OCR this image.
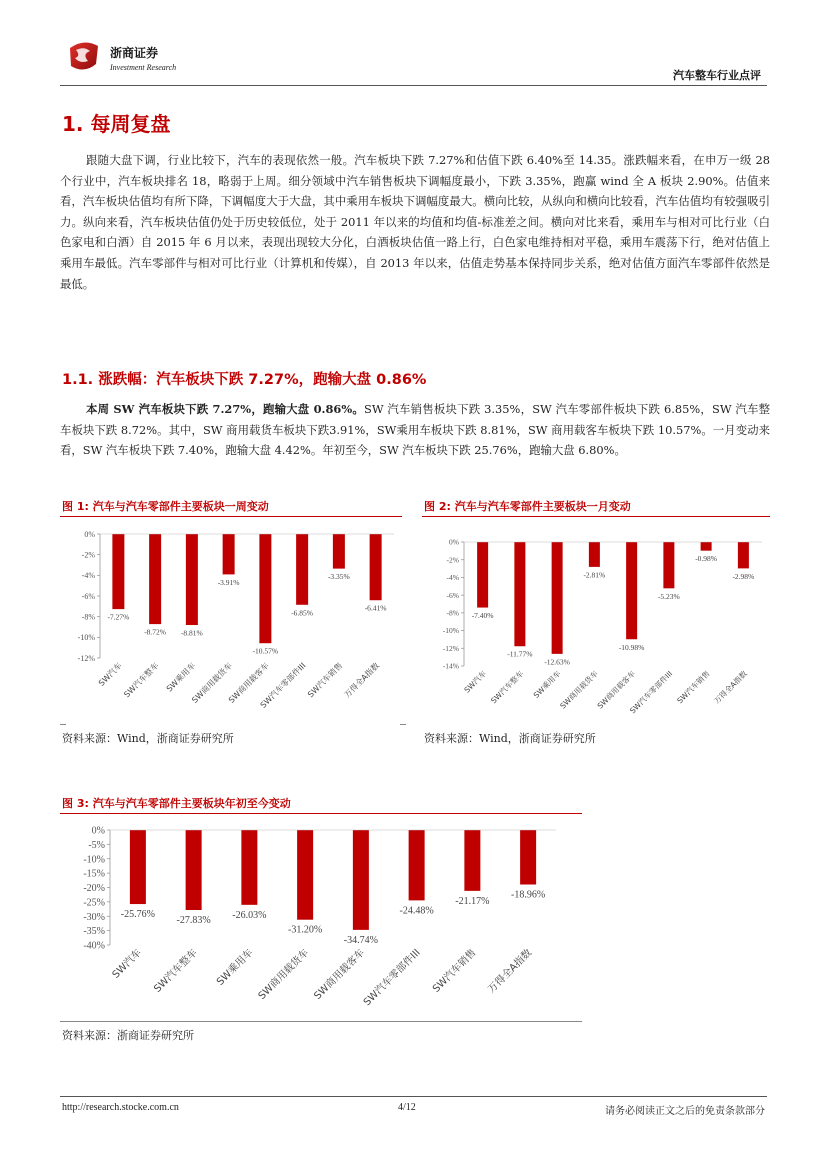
浙商证券
Investment Research
汽车整车行业点评
1. 每周复盘

跟随大盘下调，行业比较下，汽车的表现依然一般。汽车板块下跌 7.27%和估值下跌 6.40%至 14.35。涨跌幅来看，在申万一级 28 个行业中，汽车板块排名 18，略弱于上周。细分领域中汽车销售板块下调幅度最小，下跌 3.35%，跑赢 wind 全 A 板块 2.90%。估值来看，汽车板块估值均有所下降，下调幅度大于大盘，其中乘用车板块下调幅度最大。横向比较，从纵向和横向比较看，汽车估值均有较强吸引力。纵向来看，汽车板块估值仍处于历史较低位，处于 2011 年以来的均值和均值-标准差之间。横向对比来看，乘用车与相对可比行业（白色家电和白酒）自 2015 年 6 月以来，表现出现较大分化，白酒板块估值一路上行，白色家电维持相对平稳，乘用车震荡下行，绝对估值上乘用车最低。汽车零部件与相对可比行业（计算机和传媒），自 2013 年以来，估值走势基本保持同步关系，绝对估值方面汽车零部件依然是最低。

1.1. 涨跌幅：汽车板块下跌 7.27%，跑输大盘 0.86%

本周 SW 汽车板块下跌 7.27%，跑输大盘 0.86%。SW 汽车销售板块下跌 3.35%，SW 汽车零部件板块下跌 6.85%，SW 汽车整车板块下跌 8.72%。其中，SW 商用载货车板块下跌3.91%，SW乘用车板块下跌 8.81%，SW 商用载客车板块下跌 10.57%。一月变动来看，SW 汽车板块下跌 7.40%，跑输大盘 4.42%。年初至今，SW 汽车板块下跌 25.76%，跑输大盘 6.80%。

图 1: 汽车与汽车零部件主要板块一周变动
0%
-2%
-4%
-6%
-8%
-10%
-12%
-7.27%
SW汽车
-8.72%
SW汽车整车
-8.81%
SW乘用车
-3.91%
SW商用载货车
-10.57%
SW商用载客车
-6.85%
SW汽车零部件III
-3.35%
SW汽车销售
-6.41%
万得全A指数
资料来源：Wind，浙商证券研究所
图 2: 汽车与汽车零部件主要板块一月变动
0%
-2%
-4%
-6%
-8%
-10%
-12%
-14%
-7.40%
SW汽车
-11.77%
SW汽车整车
-12.63%
SW乘用车
-2.81%
SW商用载货车
-10.98%
SW商用载客车
-5.23%
SW汽车零部件III
-0.98%
SW汽车销售
-2.98%
万得全A指数
资料来源：Wind，浙商证券研究所
图 3: 汽车与汽车零部件主要板块年初至今变动
0%
-5%
-10%
-15%
-20%
-25%
-30%
-35%
-40%
-25.76%
SW汽车
-27.83%
SW汽车整车
-26.03%
SW乘用车
-31.20%
SW商用载货车
-34.74%
SW商用载客车
-24.48%
SW汽车零部件III
-21.17%
SW汽车销售
-18.96%
万得全A指数
资料来源：浙商证券研究所
http://research.stocke.com.cn	4/12	请务必阅读正文之后的免责条款部分
